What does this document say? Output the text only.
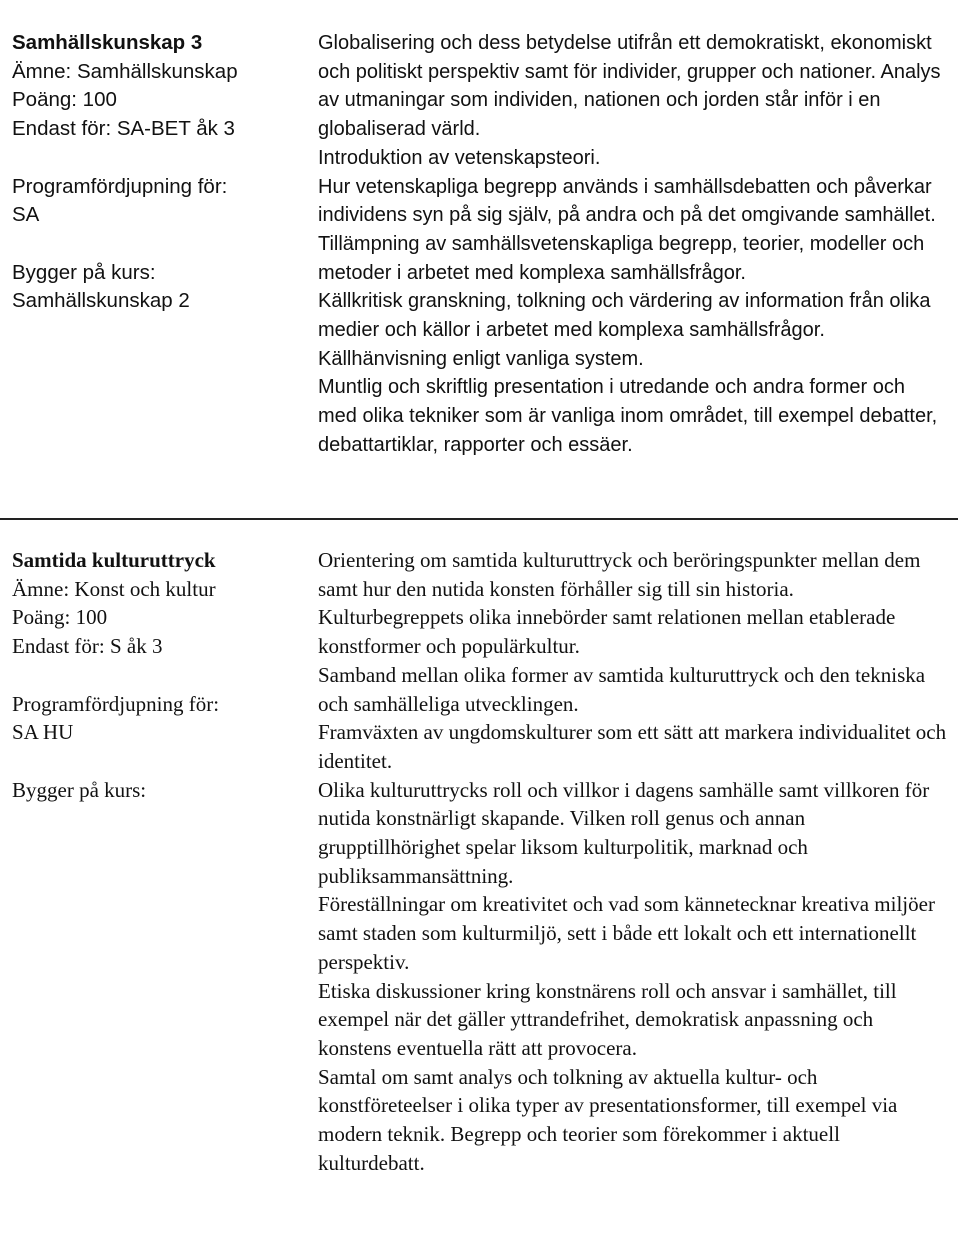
Samhällskunskap 3
Ämne: Samhällskunskap
Poäng: 100
Endast för: SA-BET åk 3
Programfördjupning för:
SA
Bygger på kurs:
Samhällskunskap 2

Globalisering och dess betydelse utifrån ett demokratiskt, ekonomiskt och politiskt perspektiv samt för individer, grupper och nationer. Analys av utmaningar som individen, nationen och jorden står inför i en globaliserad värld.

Introduktion av vetenskapsteori.

Hur vetenskapliga begrepp används i samhällsdebatten och påverkar individens syn på sig själv, på andra och på det omgivande samhället.

Tillämpning av samhällsvetenskapliga begrepp, teorier, modeller och metoder i arbetet med komplexa samhällsfrågor.

Källkritisk granskning, tolkning och värdering av information från olika medier och källor i arbetet med komplexa samhällsfrågor. Källhänvisning enligt vanliga system.

Muntlig och skriftlig presentation i utredande och andra former och med olika tekniker som är vanliga inom området, till exempel debatter, debattartiklar, rapporter och essäer.

Samtida kulturuttryck
Ämne: Konst och kultur
Poäng: 100
Endast för: S åk 3
Programfördjupning för:
SA HU
Bygger på kurs:

Orientering om samtida kulturuttryck och beröringspunkter mellan dem samt hur den nutida konsten förhåller sig till sin historia.

Kulturbegreppets olika innebörder samt relationen mellan etablerade konstformer och populärkultur.

Samband mellan olika former av samtida kulturuttryck och den tekniska och samhälleliga utvecklingen.

Framväxten av ungdomskulturer som ett sätt att markera individualitet och identitet.

Olika kulturuttrycks roll och villkor i dagens samhälle samt villkoren för nutida konstnärligt skapande. Vilken roll genus och annan grupptillhörighet spelar liksom kulturpolitik, marknad och publiksammansättning.

Föreställningar om kreativitet och vad som kännetecknar kreativa miljöer samt staden som kulturmiljö, sett i både ett lokalt och ett internationellt perspektiv.

Etiska diskussioner kring konstnärens roll och ansvar i samhället, till exempel när det gäller yttrandefrihet, demokratisk anpassning och konstens eventuella rätt att provocera.

Samtal om samt analys och tolkning av aktuella kultur- och konstföreteelser i olika typer av presentationsformer, till exempel via modern teknik. Begrepp och teorier som förekommer i aktuell kulturdebatt.
